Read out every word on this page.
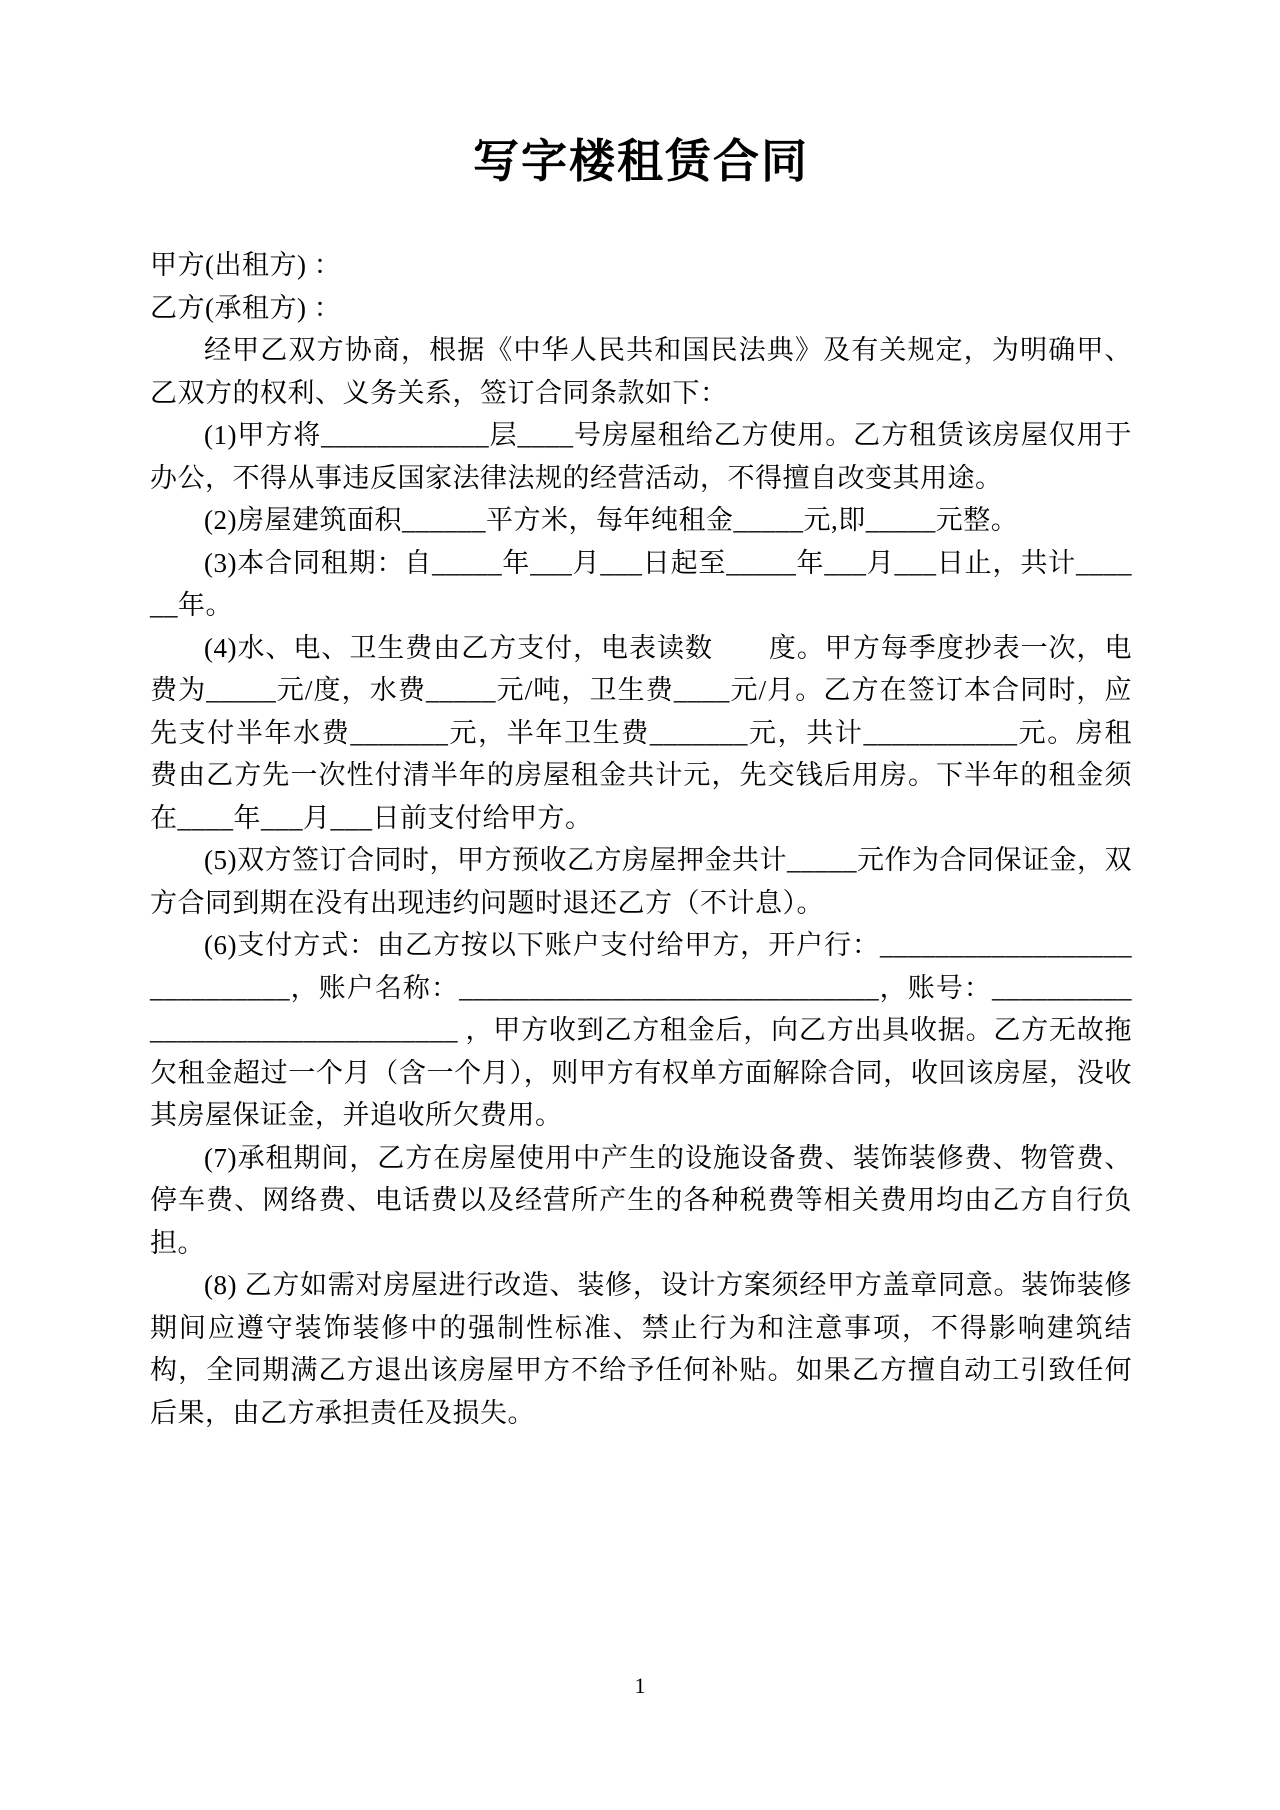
写字楼租赁合同

甲方(出租方) ：

乙方(承租方) ：

经甲乙双方协商，根据《中华人民共和国民法典》及有关规定，为明确甲、乙双方的权利、义务关系，签订合同条款如下：

(1)甲方将____________层____号房屋租给乙方使用。乙方租赁该房屋仅用于办公，不得从事违反国家法律法规的经营活动，不得擅自改变其用途。

(2)房屋建筑面积______平方米，每年纯租金_____元,即_____元整。

(3)本合同租期：自_____年___月___日起至_____年___月___日止，共计______年。

(4)水、电、卫生费由乙方支付，电表读数　　度。甲方每季度抄表一次，电费为_____元/度，水费_____元/吨，卫生费____元/月。乙方在签订本合同时，应先支付半年水费_______元，半年卫生费_______元，共计___________元。房租费由乙方先一次性付清半年的房屋租金共计元，先交钱后用房。下半年的租金须在____年___月___日前支付给甲方。

(5)双方签订合同时，甲方预收乙方房屋押金共计_____元作为合同保证金，双方合同到期在没有出现违约问题时退还乙方（不计息）。

(6)支付方式：由乙方按以下账户支付给甲方，开户行：____________________________，账户名称：______________________________，账号：________________________________ ，甲方收到乙方租金后，向乙方出具收据。乙方无故拖欠租金超过一个月（含一个月），则甲方有权单方面解除合同，收回该房屋，没收其房屋保证金，并追收所欠费用。

(7)承租期间，乙方在房屋使用中产生的设施设备费、装饰装修费、物管费、停车费、网络费、电话费以及经营所产生的各种税费等相关费用均由乙方自行负担。

(8) 乙方如需对房屋进行改造、装修，设计方案须经甲方盖章同意。装饰装修期间应遵守装饰装修中的强制性标准、禁止行为和注意事项，不得影响建筑结构，全同期满乙方退出该房屋甲方不给予任何补贴。如果乙方擅自动工引致任何后果，由乙方承担责任及损失。

1
